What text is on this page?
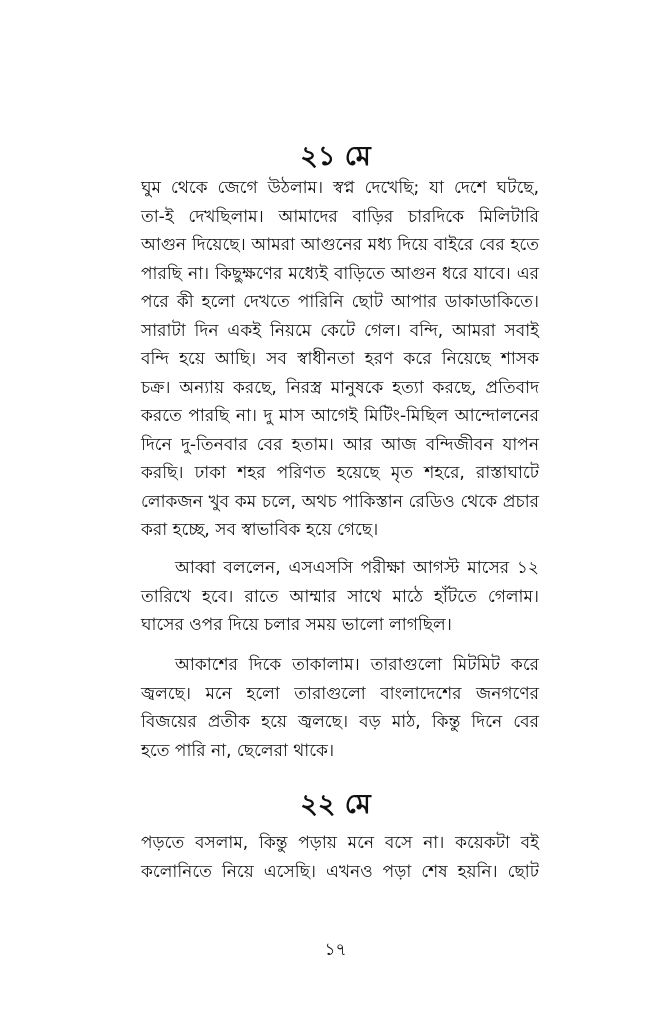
২১ মে

ঘুম থেকে জেগে উঠলাম। স্বপ্ন দেখেছি; যা দেশে ঘটছে,
তা-ই দেখছিলাম। আমাদের বাড়ির চারদিকে মিলিটারি
আগুন দিয়েছে। আমরা আগুনের মধ্য দিয়ে বাইরে বের হতে
পারছি না। কিছুক্ষণের মধ্যেই বাড়িতে আগুন ধরে যাবে। এর
পরে কী হলো দেখতে পারিনি ছোট আপার ডাকাডাকিতে।
সারাটা দিন একই নিয়মে কেটে গেল। বন্দি, আমরা সবাই
বন্দি হয়ে আছি। সব স্বাধীনতা হরণ করে নিয়েছে শাসক
চক্র। অন্যায় করছে, নিরস্ত্র মানুষকে হত্যা করছে, প্রতিবাদ
করতে পারছি না। দু মাস আগেই মিটিং-মিছিল আন্দোলনের
দিনে দু-তিনবার বের হতাম। আর আজ বন্দিজীবন যাপন
করছি। ঢাকা শহর পরিণত হয়েছে মৃত শহরে, রাস্তাঘাটে
লোকজন খুব কম চলে, অথচ পাকিস্তান রেডিও থেকে প্রচার
করা হচ্ছে, সব স্বাভাবিক হয়ে গেছে।

আব্বা বললেন, এসএসসি পরীক্ষা আগস্ট মাসের ১২
তারিখে হবে। রাতে আম্মার সাথে মাঠে হাঁটতে গেলাম।
ঘাসের ওপর দিয়ে চলার সময় ভালো লাগছিল।

আকাশের দিকে তাকালাম। তারাগুলো মিটমিট করে
জ্বলছে। মনে হলো তারাগুলো বাংলাদেশের জনগণের
বিজয়ের প্রতীক হয়ে জ্বলছে। বড় মাঠ, কিন্তু দিনে বের
হতে পারি না, ছেলেরা থাকে।

২২ মে

পড়তে বসলাম, কিন্তু পড়ায় মনে বসে না। কয়েকটা বই
কলোনিতে নিয়ে এসেছি। এখনও পড়া শেষ হয়নি। ছোট

১৭
